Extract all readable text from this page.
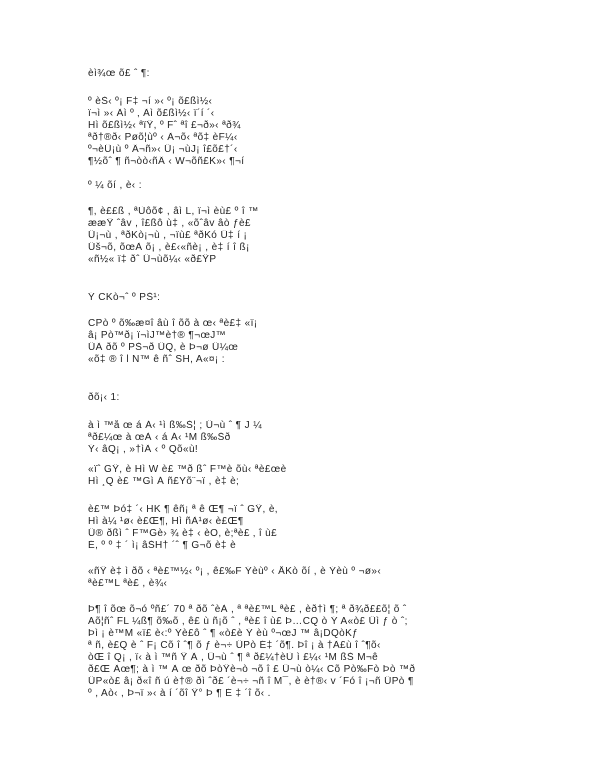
èì¾œ õ£ ˆ ¶:
º èŠ‹ º¡ F‡ ¬í »‹ º¡ õ£ßì½‹
ï¬ì »‹ Ãì º ‚ Ãì õ£ßì½‹ ï´í ´‹
Hì õ£ßì½‹ ªïŸ, º Fˆ ªî £¬ð»‹ ªð¾
ªð†®ð‹ Pøõ¦ùº ‹ Ã¬õ‹ ªõ‡ èF¼‹
º¬èÛ¡ù º Â¬ñ»‹ Ü¡ ¬ùJ¡ î£õ£†´‹
¶½õˆ ¶ ñ¬òò‹ñÂ ‹ W¬õñ£K»‹ ¶¬í
º ¼ õí , è‹ :
¶, è££ß , ªÙôõ¢ , âì L, ï¬ì èù£ º î ™
ææŸ ˆâv , î£ßô ù‡ , «õˆâv âò ƒè£
Ü¡¬ù , ªðKò¡¬ù , ¬ïù£ ªðKó Ü‡ í ¡
Üš¬õ, õœÀ õ¡ , è£‹«ñè¡ , è‡ í î ß¡
«ñ½« ï‡ ðˆ Ü¬ùõ¼‹ «ð£ŸP
Ý CKò¬ˆ º PŠ¹:
CPò º õ‰æ¤î âù î õõ à œ‹ ªè£‡ «ï¡
â¡ Pò™ð¡ ï¬ìJ™è†® ¶¬œJ™
ÜÃ ðõ º PŠ¬ð ÜQ, è Þ¬ø Ü¼œ
«õ‡ ® î l N™ ê ñˆ SH, A«¤¡ :
ðõ¡‹ 1:
à ì ™å œ á Á‹ ¹ì ß‰Š¦ ; Ü¬ù ˆ ¶ J ¼
ªð£¼œ à œÀ ‹ á Á‹ ¹M ß‰Šð
Ý‹ âQ¡ , »†ìÃ ‹ º Qõ«ù!
«ïˆ GŸ, è Hì W è£ ™ð ßˆ F™è õù‹ ªè£œè
Hì ¸Q è£ ™Gì Á ñ£Yõ¨¬ï , è‡ è;
è£™ Þó‡ ´‹ HK ¶ êñ¡ ª ê Œ¶ ¬ï ˆ GŸ, è,
Hì à¼ ¹ø‹ è£Œ¶, Hì ñÀ¹ø‹ è£Œ¶
Ü® ðßì ˆ F™Gè› ¾ è‡ ‹ èO, è;ªè£ ‚ î ù£
É, º º ‡ ´ ì¡ âŠH† ´ˆ ¶ G¬õ è‡ è
«ñŸ è‡ ì ðõ ‹ ªè£™½‹ º¡ , ê£‰F Ýèùº ‹ ÅKò õí , è Ýèù º ¬ø»‹
ªè£™L ªè£ , è¾‹
Þ¶ î õœ õ¬ó ºñ£´ 70 ª ðõ ˆèÀ , ª ªè£™L ªè£ , èð†ì ¶; ª ð¾ð££õ¦ õ ˆ
Aõ¦ñˆ FL ¼ß¶ õ‰õ , ê£ ù ñ¡õ ˆ , ªè£ î ù£ Þ…CQ ò Ý A«ò£ Üì ƒ ò ˆ;
Þì ¡ è™M «ï£ è‹:º Ýè£ô ˆ ¶ «ò£è Ý èù º¬œJ ™ â¡DQòKƒ
ª ñ, è£Q è ˆ F¡ Cõ î ˆ¶ õ ƒ è¬÷ ÜPò É‡ ´õ¶. Þî ¡ à †Ã£ù î ˆ¶õ‹
òŒ î Q¡ , ï‹ à ì ™ñ Ÿ Ã , Ü¬ù ˆ ¶ ª ð£¼†èÙ ì £¼‹ ¹M ßŠ M¬ê
ð£Œ Ãœ¶; à ì ™ Ã œ ðõ ÞòŸè¬ò ¬õ î £ Ü¬ù ò¼‹ Cõ Pò‰Fò Þò ™ð
ÜP«ò£ â¡ ð«î ñ ú è†® ðì ˆð£ ´è¬÷ ¬ñ î M¯, è è†®‹ v ´Fó î ¡¬ñ ÜPò ¶
º , Aò‹ , Þ¬ï »‹ à í ´õî Ÿ° Þ ¶ É ‡ ´î õ‹ .
